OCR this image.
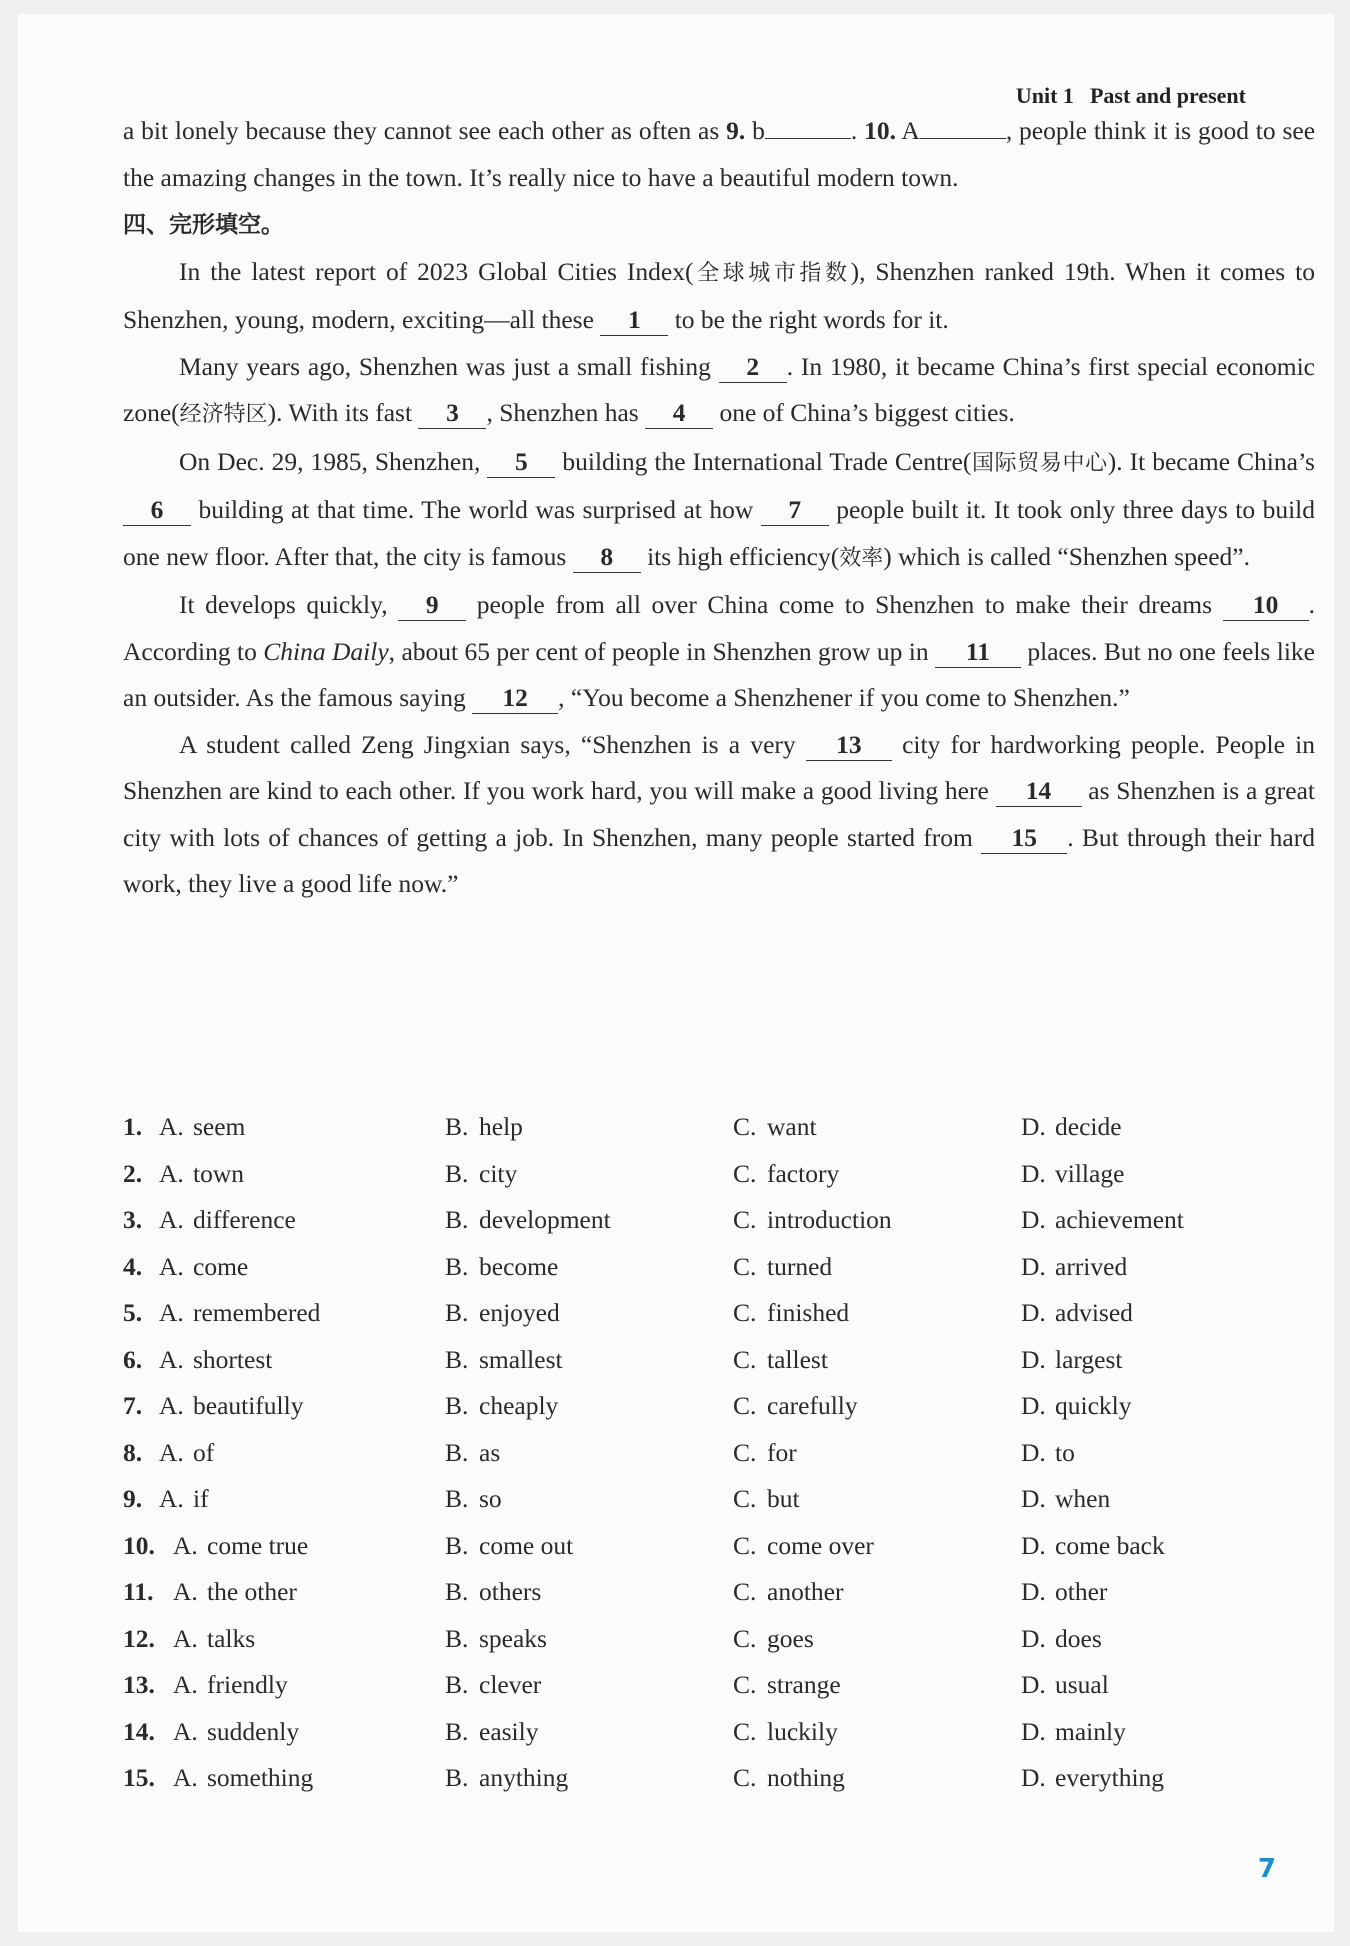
Unit 1 Past and present

a bit lonely because they cannot see each other as often as 9. b	. 10. A	, people think it is good to see the amazing changes in the town. It’s really nice to have a beautiful modern town.

四、完形填空。

In the latest report of 2023 Global Cities Index(全球城市指数), Shenzhen ranked 19th. When it comes to Shenzhen, young, modern, exciting—all these 1 to be the right words for it.

Many years ago, Shenzhen was just a small fishing 2 . In 1980, it became China’s first special economic zone(经济特区). With its fast 3 , Shenzhen has 4 one of China’s biggest cities.

On Dec. 29, 1985, Shenzhen, 5 building the International Trade Centre(国际贸易中心). It became China’s 6 building at that time. The world was surprised at how 7 people built it. It took only three days to build one new floor. After that, the city is famous 8 its high efficiency(效率) which is called “Shenzhen speed”.

It develops quickly, 9 people from all over China come to Shenzhen to make their dreams 10 . According to China Daily, about 65 per cent of people in Shenzhen grow up in 11 places. But no one feels like an outsider. As the famous saying 12 , “You become a Shenzhener if you come to Shenzhen.”

A student called Zeng Jingxian says, “Shenzhen is a very 13 city for hardworking people. People in Shenzhen are kind to each other. If you work hard, you will make a good living here 14 as Shenzhen is a great city with lots of chances of getting a job. In Shenzhen, many people started from 15 . But through their hard work, they live a good life now.”

1. A. seem	B. help	C. want	D. decide
2. A. town	B. city	C. factory	D. village
3. A. difference	B. development	C. introduction	D. achievement
4. A. come	B. become	C. turned	D. arrived
5. A. remembered	B. enjoyed	C. finished	D. advised
6. A. shortest	B. smallest	C. tallest	D. largest
7. A. beautifully	B. cheaply	C. carefully	D. quickly
8. A. of	B. as	C. for	D. to
9. A. if	B. so	C. but	D. when
10. A. come true	B. come out	C. come over	D. come back
11. A. the other	B. others	C. another	D. other
12. A. talks	B. speaks	C. goes	D. does
13. A. friendly	B. clever	C. strange	D. usual
14. A. suddenly	B. easily	C. luckily	D. mainly
15. A. something	B. anything	C. nothing	D. everything
7
